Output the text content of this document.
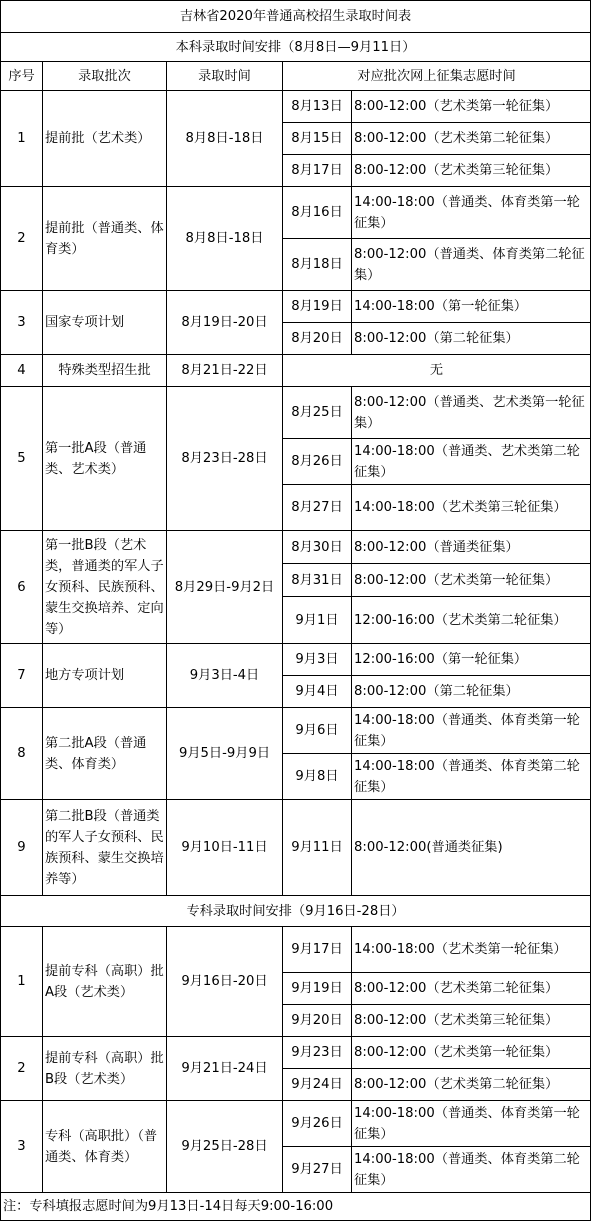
吉林省2020年普通高校招生录取时间表				
本科录取时间安排（8月8日—9月11日）				
序号	录取批次	录取时间	对应批次网上征集志愿时间	
1	提前批（艺术类）	8月8日-18日	8月13日	8:00-12:00（艺术类第一轮征集）
			8月15日	8:00-12:00（艺术类第二轮征集）
			8月17日	8:00-12:00（艺术类第三轮征集）
2	提前批（普通类、体育类）	8月8日-18日	8月16日	14:00-18:00（普通类、体育类第一轮征集）
			8月18日	8:00-12:00（普通类、体育类第二轮征集）
3	国家专项计划	8月19日-20日	8月19日	14:00-18:00（第一轮征集）
			8月20日	8:00-12:00（第二轮征集）
4	特殊类型招生批	8月21日-22日	无	
5	第一批A段（普通类、艺术类）	8月23日-28日	8月25日	8:00-12:00（普通类、艺术类第一轮征集）
			8月26日	14:00-18:00（普通类、艺术类第二轮征集）
			8月27日	14:00-18:00（艺术类第三轮征集）
6	第一批B段（艺术类，普通类的军人子女预科、民族预科、蒙生交换培养、定向等）	8月29日-9月2日	8月30日	8:00-12:00（普通类征集）
			8月31日	8:00-12:00（艺术类第一轮征集）
			9月1日	12:00-16:00（艺术类第二轮征集）
7	地方专项计划	9月3日-4日	9月3日	12:00-16:00（第一轮征集）
			9月4日	8:00-12:00（第二轮征集）
8	第二批A段（普通类、体育类）	9月5日-9月9日	9月6日	14:00-18:00（普通类、体育类第一轮征集）
			9月8日	14:00-18:00（普通类、体育类第二轮征集）
9	第二批B段（普通类的军人子女预科、民族预科、蒙生交换培养等）	9月10日-11日	9月11日	8:00-12:00(普通类征集)
专科录取时间安排（9月16日-28日）				
1	提前专科（高职）批A段（艺术类）	9月16日-20日	9月17日	14:00-18:00（艺术类第一轮征集）
			9月19日	8:00-12:00（艺术类第二轮征集）
			9月20日	8:00-12:00（艺术类第三轮征集）
2	提前专科（高职）批B段（艺术类）	9月21日-24日	9月23日	8:00-12:00（艺术类第一轮征集）
			9月24日	8:00-12:00（艺术类第二轮征集）
3	专科（高职批）（普通类、体育类）	9月25日-28日	9月26日	14:00-18:00（普通类、体育类第一轮征集）
			9月27日	14:00-18:00（普通类、体育类第二轮征集）
注：专科填报志愿时间为9月13日-14日每天9:00-16:00				
